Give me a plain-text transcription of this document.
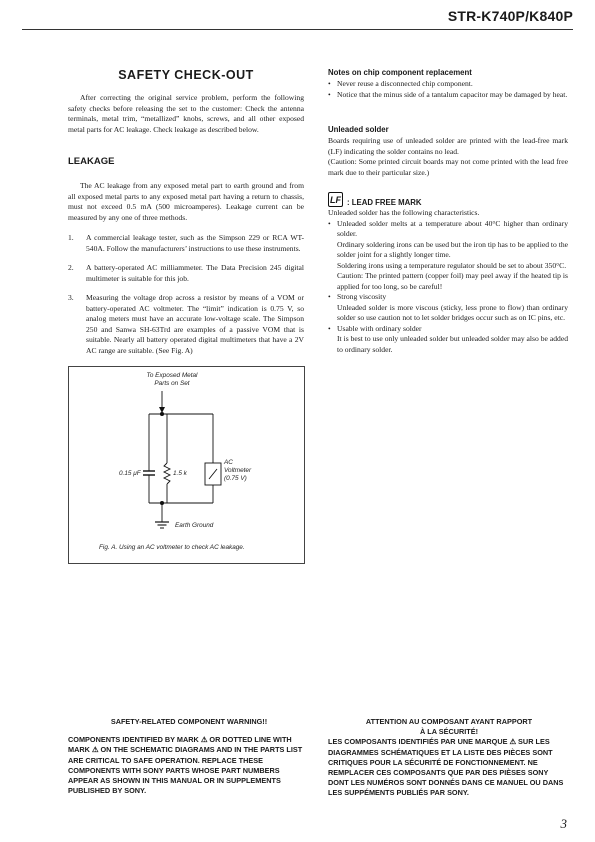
STR-K740P/K840P
SAFETY CHECK-OUT

After correcting the original service problem, perform the following safety checks before releasing the set to the customer: Check the antenna terminals, metal trim, “metallized” knobs, screws, and all other exposed metal parts for AC leakage. Check leakage as described below.

LEAKAGE

The AC leakage from any exposed metal part to earth ground and from all exposed metal parts to any exposed metal part having a return to chassis, must not exceed 0.5 mA (500 microamperes). Leakage current can be measured by any one of three methods.

1. A commercial leakage tester, such as the Simpson 229 or RCA WT-540A. Follow the manufacturers’ instructions to use these instruments.
2. A battery-operated AC milliammeter. The Data Precision 245 digital multimeter is suitable for this job.
3. Measuring the voltage drop across a resistor by means of a VOM or battery-operated AC voltmeter. The “limit” indication is 0.75 V, so analog meters must have an accurate low-voltage scale. The Simpson 250 and Sanwa SH-63Trd are examples of a passive VOM that is suitable. Nearly all battery operated digital multimeters that have a 2V AC range are suitable. (See Fig. A)
To Exposed Metal
Parts on Set
0.15 μF	1.5 k
AC
Voltmeter
(0.75 V)
Earth Ground
Fig. A. Using an AC voltmeter to check AC leakage.
Notes on chip component replacement
• Never reuse a disconnected chip component.
• Notice that the minus side of a tantalum capacitor may be damaged by heat.
Unleaded solder

Boards requiring use of unleaded solder are printed with the lead-free mark (LF) indicating the solder contains no lead.

(Caution: Some printed circuit boards may not come printed with the lead free mark due to their particular size.)

LF : LEAD FREE MARK

Unleaded solder has the following characteristics.

• Unleaded solder melts at a temperature about 40°C higher than ordinary solder.
Ordinary soldering irons can be used but the iron tip has to be applied to the solder joint for a slightly longer time.
Soldering irons using a temperature regulator should be set to about 350°C.
Caution: The printed pattern (copper foil) may peel away if the heated tip is applied for too long, so be careful!
• Strong viscosity
Unleaded solder is more viscous (sticky, less prone to flow) than ordinary solder so use caution not to let solder bridges occur such as on IC pins, etc.
• Usable with ordinary solder
It is best to use only unleaded solder but unleaded solder may also be added to ordinary solder.
SAFETY-RELATED COMPONENT WARNING!!
COMPONENTS IDENTIFIED BY MARK ⚠ OR DOTTED LINE WITH MARK ⚠ ON THE SCHEMATIC DIAGRAMS AND IN THE PARTS LIST ARE CRITICAL TO SAFE OPERATION. REPLACE THESE COMPONENTS WITH SONY PARTS WHOSE PART NUMBERS APPEAR AS SHOWN IN THIS MANUAL OR IN SUPPLEMENTS PUBLISHED BY SONY.
ATTENTION AU COMPOSANT AYANT RAPPORT
À LA SÉCURITÉ!
LES COMPOSANTS IDENTIFIÉS PAR UNE MARQUE ⚠ SUR LES DIAGRAMMES SCHÉMATIQUES ET LA LISTE DES PIÈCES SONT CRITIQUES POUR LA SÉCURITÉ DE FONCTIONNEMENT. NE REMPLACER CES COMPOSANTS QUE PAR DES PIÈSES SONY DONT LES NUMÉROS SONT DONNÉS DANS CE MANUEL OU DANS LES SUPPÉMENTS PUBLIÉS PAR SONY.
3
